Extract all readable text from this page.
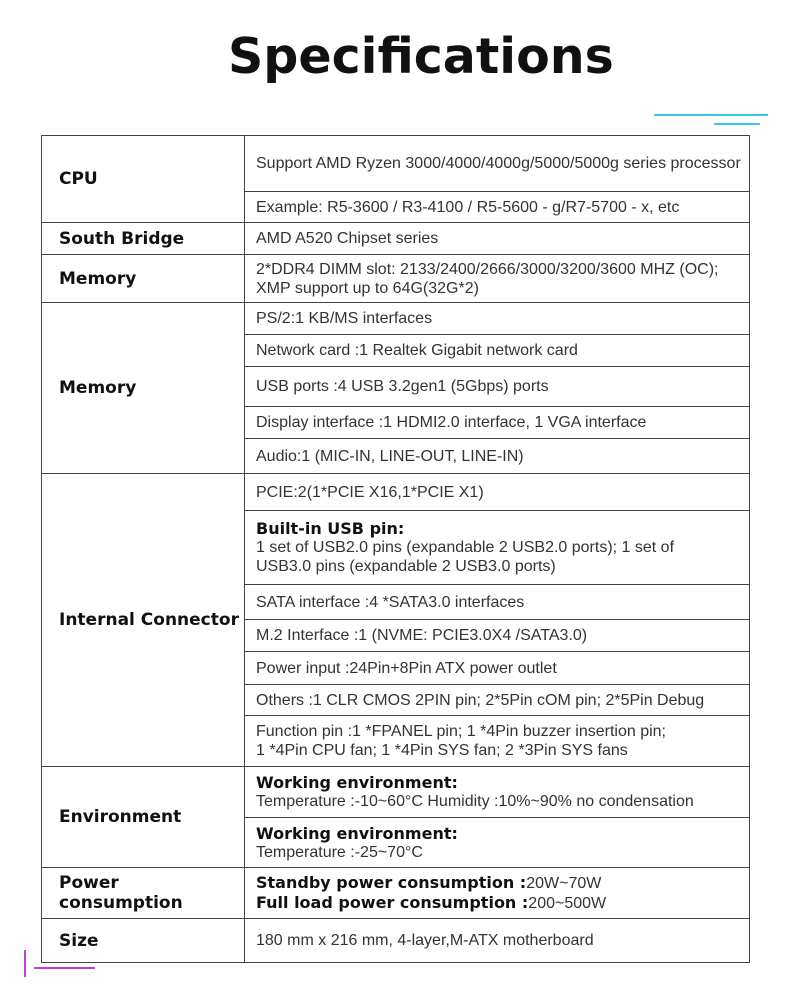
Specifications
CPU	Support AMD Ryzen 3000/4000/4000g/5000/5000g series processor
	Example: R5-3600 / R3-4100 / R5-5600 - g/R7-5700 - x, etc
South Bridge	AMD A520 Chipset series
Memory	2*DDR4 DIMM slot: 2133/2400/2666/3000/3200/3600 MHZ (OC);
XMP support up to 64G(32G*2)

Memory	PS/2:1 KB/MS interfaces
	Network card :1 Realtek Gigabit network card
	USB ports :4 USB 3.2gen1 (5Gbps) ports
	Display interface :1 HDMI2.0 interface, 1 VGA interface
	Audio:1 (MIC-IN, LINE-OUT, LINE-IN)
Internal Connector	PCIE:2(1*PCIE X16,1*PCIE X1)

	Built-in USB pin:
1 set of USB2.0 pins (expandable 2 USB2.0 ports); 1 set of
USB3.0 pins (expandable 2 USB3.0 ports)

	SATA interface :4 *SATA3.0 interfaces
	M.2 Interface :1 (NVME: PCIE3.0X4 /SATA3.0)
	Power input :24Pin+8Pin ATX power outlet
	Others :1 CLR CMOS 2PIN pin; 2*5Pin cOM pin; 2*5Pin Debug

	Function pin :1 *FPANEL pin; 1 *4Pin buzzer insertion pin;
1 *4Pin CPU fan; 1 *4Pin SYS fan; 2 *3Pin SYS fans

Environment	Working environment:
Temperature :-10~60°C Humidity :10%~90% no condensation

	Working environment:
Temperature :-25~70°C

Power consumption	Standby power consumption :20W~70W
Full load power consumption :200~500W

Size	180 mm x 216 mm, 4-layer,M-ATX motherboard
